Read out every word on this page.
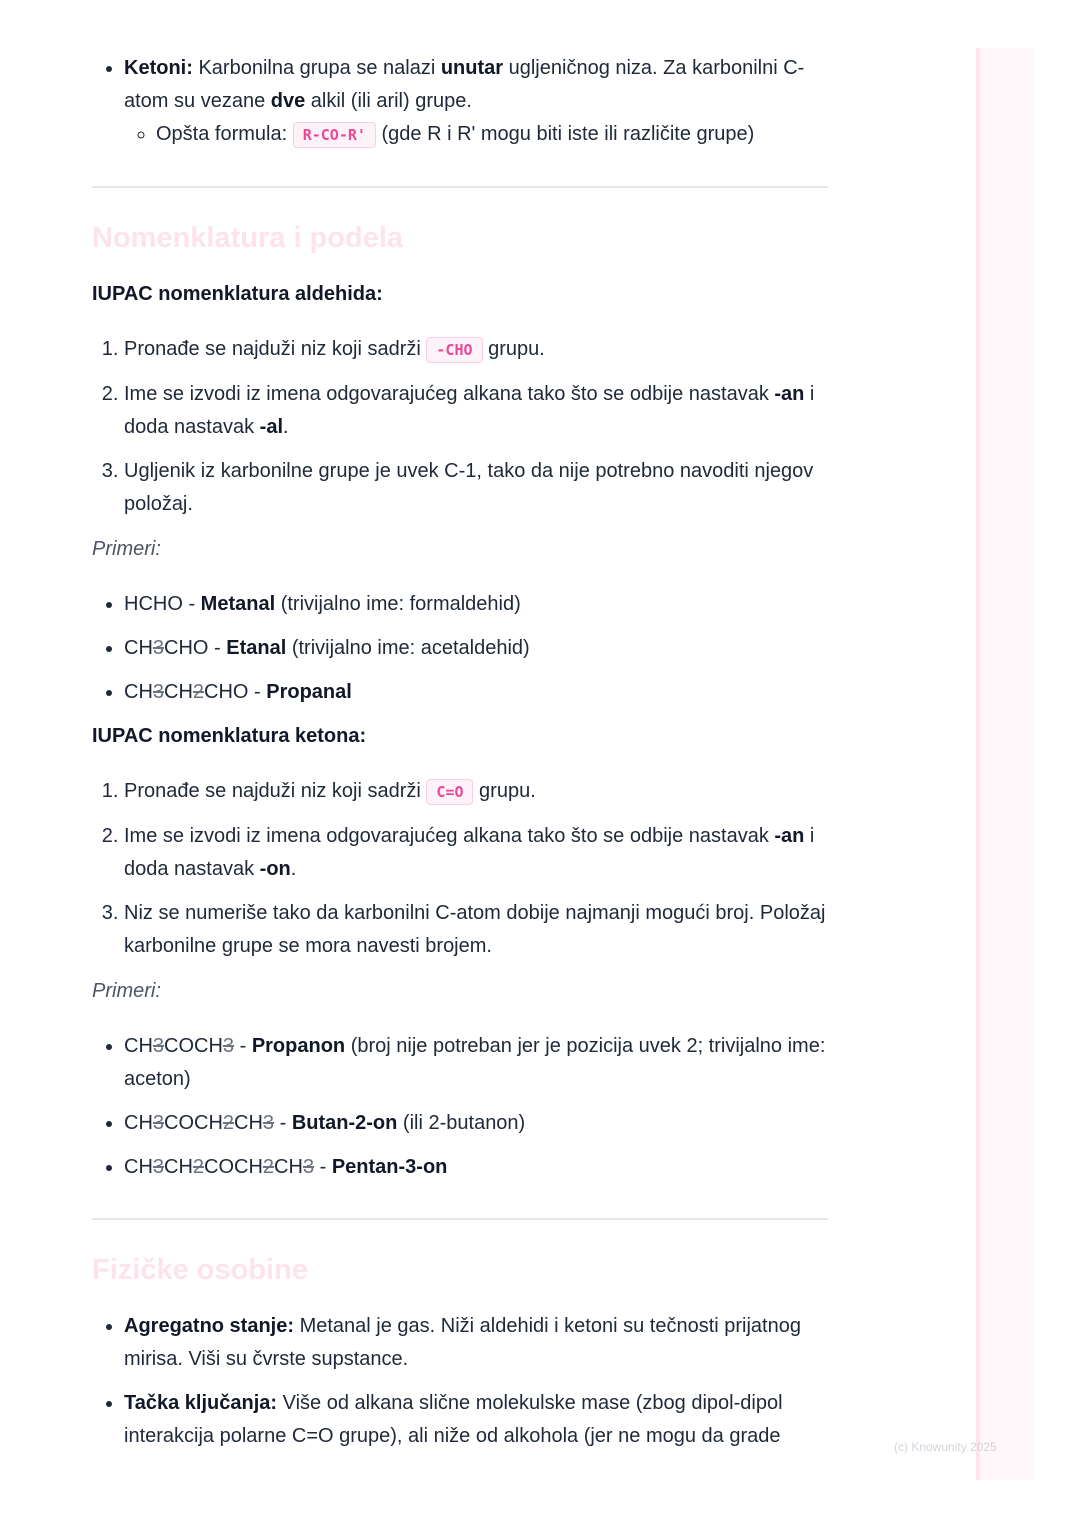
• Ketoni: Karbonilna grupa se nalazi unutar ugljeničnog niza. Za karbonilni C-atom su vezane dve alkil (ili aril) grupe.
◦ Opšta formula: R-CO-R' (gde R i R' mogu biti iste ili različite grupe)
Nomenklatura i podela
IUPAC nomenklatura aldehida:
1. Pronađe se najduži niz koji sadrži -CHO grupu.
2. Ime se izvodi iz imena odgovarajućeg alkana tako što se odbije nastavak -an i doda nastavak -al.
3. Ugljenik iz karbonilne grupe je uvek C-1, tako da nije potrebno navoditi njegov položaj.
Primeri:
• HCHO - Metanal (trivijalno ime: formaldehid)
• CH3CHO - Etanal (trivijalno ime: acetaldehid)
• CH3CH2CHO - Propanal
IUPAC nomenklatura ketona:
1. Pronađe se najduži niz koji sadrži C=O grupu.
2. Ime se izvodi iz imena odgovarajućeg alkana tako što se odbije nastavak -an i doda nastavak -on.
3. Niz se numeriše tako da karbonilni C-atom dobije najmanji mogući broj. Položaj karbonilne grupe se mora navesti brojem.
Primeri:
• CH3COCH3 - Propanon (broj nije potreban jer je pozicija uvek 2; trivijalno ime: aceton)
• CH3COCH2CH3 - Butan-2-on (ili 2-butanon)
• CH3CH2COCH2CH3 - Pentan-3-on
Fizičke osobine
• Agregatno stanje: Metanal je gas. Niži aldehidi i ketoni su tečnosti prijatnog mirisa. Viši su čvrste supstance.
• Tačka ključanja: Više od alkana slične molekulske mase (zbog dipol-dipol interakcija polarne C=O grupe), ali niže od alkohola (jer ne mogu da grade	(c) Knowunity 2025
